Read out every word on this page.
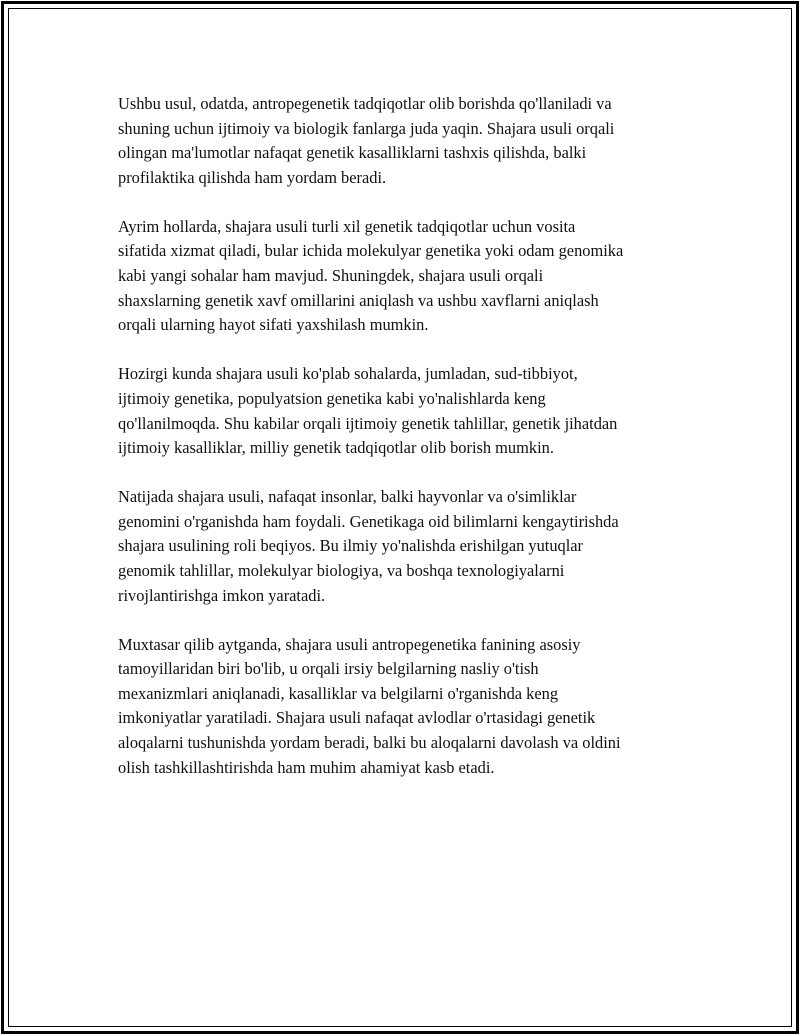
Ushbu usul, odatda, antropegenetik tadqiqotlar olib borishda qo'llaniladi va
shuning uchun ijtimoiy va biologik fanlarga juda yaqin. Shajara usuli orqali
olingan ma'lumotlar nafaqat genetik kasalliklarni tashxis qilishda, balki
profilaktika qilishda ham yordam beradi.

Ayrim hollarda, shajara usuli turli xil genetik tadqiqotlar uchun vosita
sifatida xizmat qiladi, bular ichida molekulyar genetika yoki odam genomika
kabi yangi sohalar ham mavjud. Shuningdek, shajara usuli orqali
shaxslarning genetik xavf omillarini aniqlash va ushbu xavflarni aniqlash
orqali ularning hayot sifati yaxshilash mumkin.

Hozirgi kunda shajara usuli ko'plab sohalarda, jumladan, sud-tibbiyot,
ijtimoiy genetika, populyatsion genetika kabi yo'nalishlarda keng
qo'llanilmoqda. Shu kabilar orqali ijtimoiy genetik tahlillar, genetik jihatdan
ijtimoiy kasalliklar, milliy genetik tadqiqotlar olib borish mumkin.

Natijada shajara usuli, nafaqat insonlar, balki hayvonlar va o'simliklar
genomini o'rganishda ham foydali. Genetikaga oid bilimlarni kengaytirishda
shajara usulining roli beqiyos. Bu ilmiy yo'nalishda erishilgan yutuqlar
genomik tahlillar, molekulyar biologiya, va boshqa texnologiyalarni
rivojlantirishga imkon yaratadi.

Muxtasar qilib aytganda, shajara usuli antropegenetika fanining asosiy
tamoyillaridan biri bo'lib, u orqali irsiy belgilarning nasliy o'tish
mexanizmlari aniqlanadi, kasalliklar va belgilarni o'rganishda keng
imkoniyatlar yaratiladi. Shajara usuli nafaqat avlodlar o'rtasidagi genetik
aloqalarni tushunishda yordam beradi, balki bu aloqalarni davolash va oldini
olish tashkillashtirishda ham muhim ahamiyat kasb etadi.
